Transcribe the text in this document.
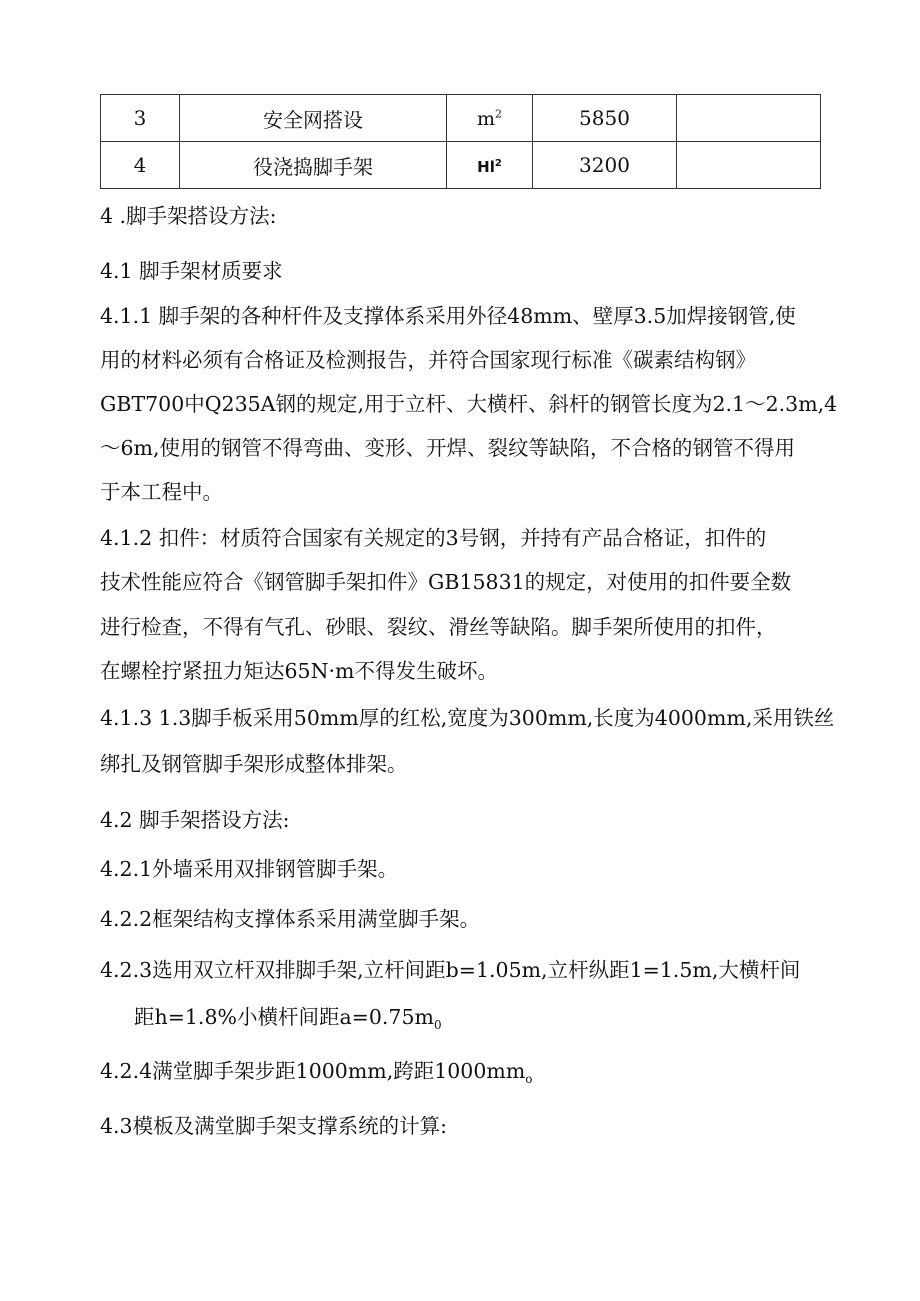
3	安全网搭设	$m^2$	5850	
4	役浇捣脚手架	Hl$^2$	3200	

4 .脚手架搭设方法:

4.1 脚手架材质要求

4.1.1 脚手架的各种杆件及支撑体系采用外径48mm、壁厚3.5加焊接钢管,使

用的材料必须有合格证及检测报告，并符合国家现行标准《碳素结构钢》

GBT700中Q235A钢的规定,用于立杆、大横杆、斜杆的钢管长度为2.1～2.3m,4

～6m,使用的钢管不得弯曲、变形、开焊、裂纹等缺陷，不合格的钢管不得用

于本工程中。

4.1.2 扣件：材质符合国家有关规定的3号钢，并持有产品合格证，扣件的

技术性能应符合《钢管脚手架扣件》GB15831的规定，对使用的扣件要全数

进行检查，不得有气孔、砂眼、裂纹、滑丝等缺陷。脚手架所使用的扣件，

在螺栓拧紧扭力矩达65N·m不得发生破坏。

4.1.3 1.3脚手板采用50mm厚的红松,宽度为300mm,长度为4000mm,采用铁丝

绑扎及钢管脚手架形成整体排架。

4.2 脚手架搭设方法:

4.2.1外墙采用双排钢管脚手架。

4.2.2框架结构支撑体系采用满堂脚手架。

4.2.3选用双立杆双排脚手架,立杆间距b=1.05m,立杆纵距1=1.5m,大横杆间

距h=1.8%小横杆间距$a=0.75m_0$

4.2.4满堂脚手架步距1000mm,跨距$1000mm_o$

4.3模板及满堂脚手架支撑系统的计算:
